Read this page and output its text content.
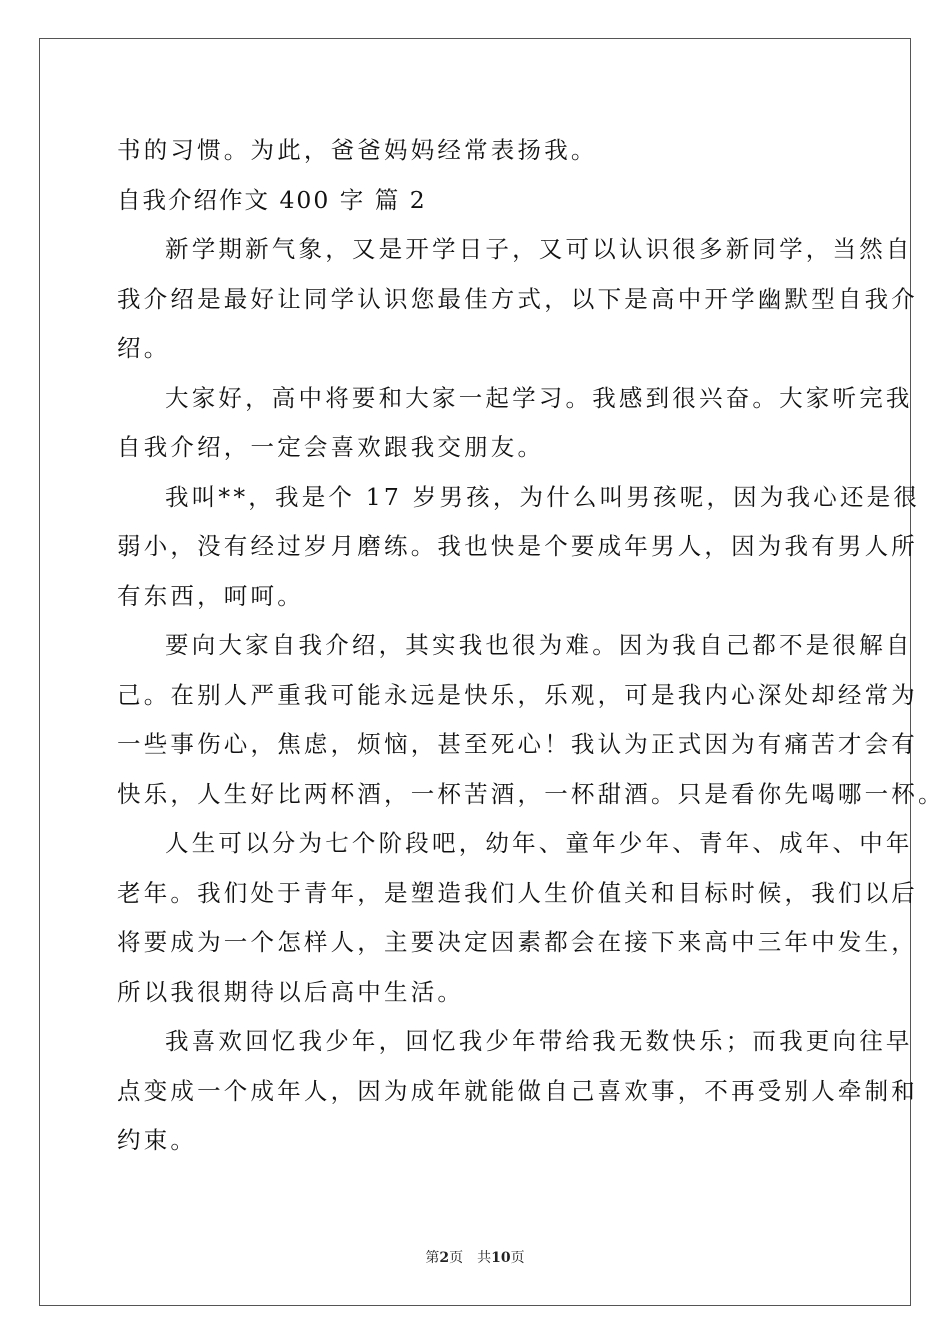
书的习惯。为此，爸爸妈妈经常表扬我。

自我介绍作文 400 字 篇 2

新学期新气象，又是开学日子，又可以认识很多新同学，当然自

我介绍是最好让同学认识您最佳方式，以下是高中开学幽默型自我介

绍。

大家好，高中将要和大家一起学习。我感到很兴奋。大家听完我

自我介绍，一定会喜欢跟我交朋友。

我叫**，我是个 17 岁男孩，为什么叫男孩呢，因为我心还是很

弱小，没有经过岁月磨练。我也快是个要成年男人，因为我有男人所

有东西，呵呵。

要向大家自我介绍，其实我也很为难。因为我自己都不是很解自

己。在别人严重我可能永远是快乐，乐观，可是我内心深处却经常为

一些事伤心，焦虑，烦恼，甚至死心！我认为正式因为有痛苦才会有

快乐，人生好比两杯酒，一杯苦酒，一杯甜酒。只是看你先喝哪一杯。

人生可以分为七个阶段吧，幼年、童年少年、青年、成年、中年

老年。我们处于青年，是塑造我们人生价值关和目标时候，我们以后

将要成为一个怎样人，主要决定因素都会在接下来高中三年中发生，

所以我很期待以后高中生活。

我喜欢回忆我少年，回忆我少年带给我无数快乐；而我更向往早

点变成一个成年人，因为成年就能做自己喜欢事，不再受别人牵制和

约束。

第2页 共10页
